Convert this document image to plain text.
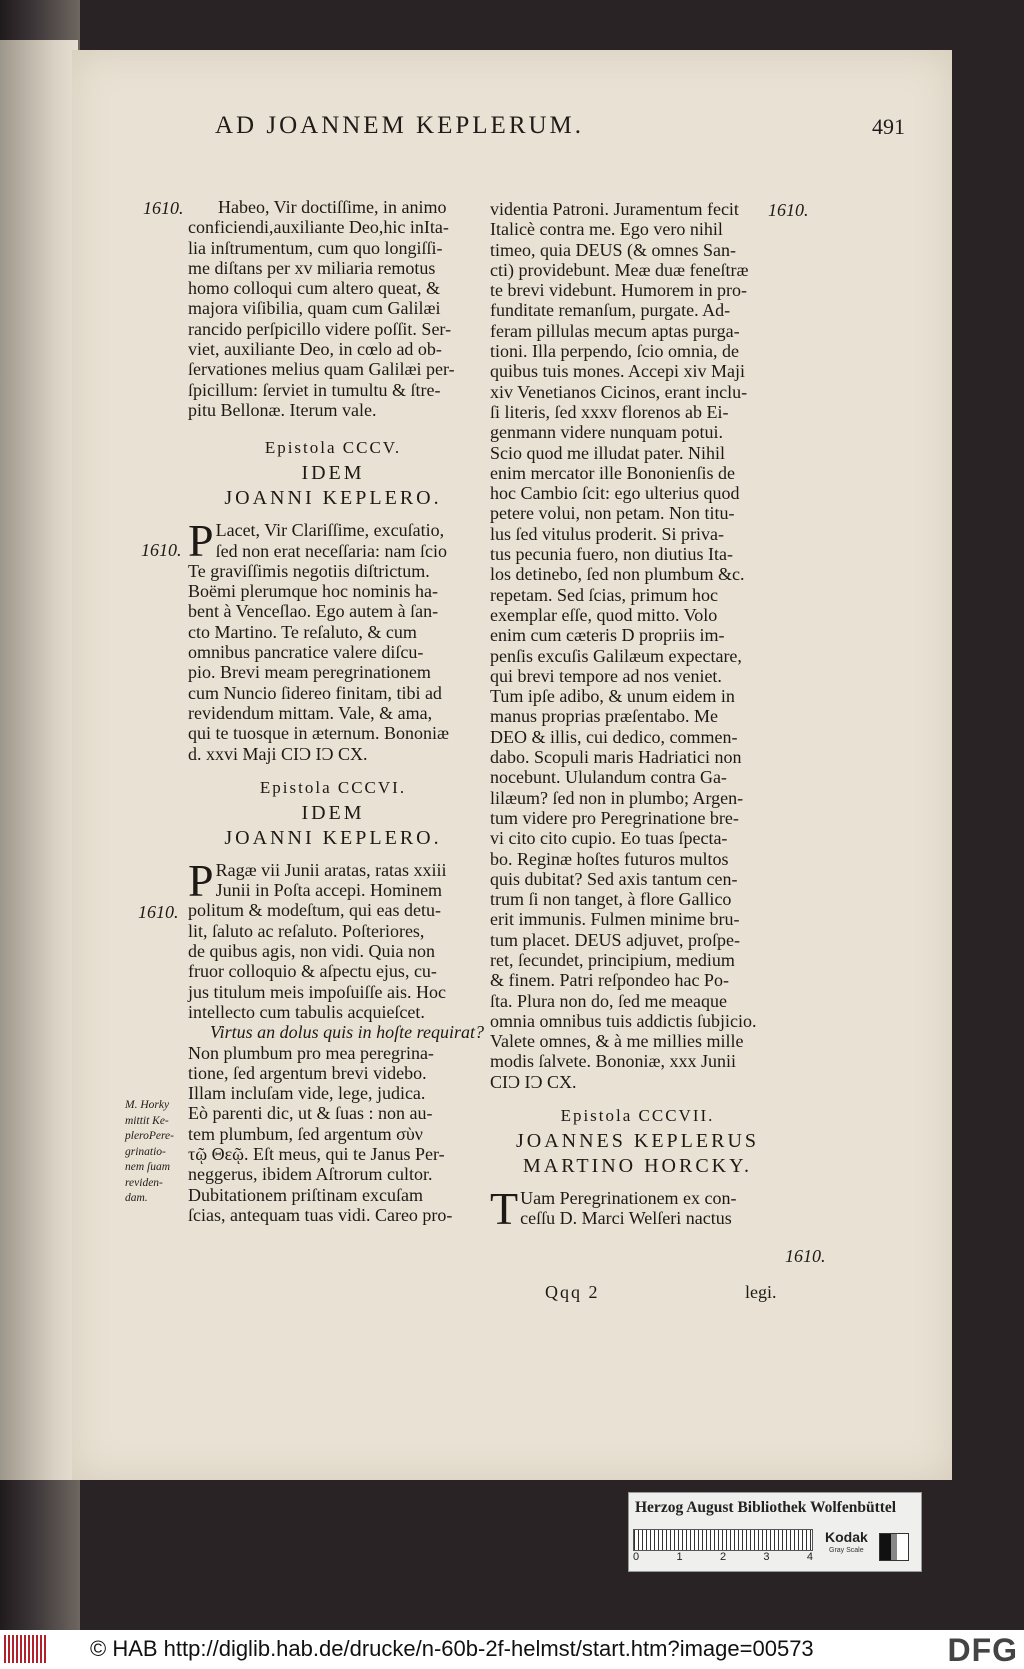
AD JOANNEM KEPLERUM.	491
1610.	1610.
1610.
1610.
1610.
Habeo, Vir doctiſſime, in animo
conficiendi,auxiliante Deo,hic inIta-
lia inſtrumentum, cum quo longiſſi-
me diſtans per xv miliaria remotus
homo colloqui cum altero queat, &
majora viſibilia, quam cum Galilæi
rancido perſpicillo videre poſſit. Ser-
viet, auxiliante Deo, in cœlo ad ob-
ſervationes melius quam Galilæi per-
ſpicillum: ſerviet in tumultu & ſtre-
pitu Bellonæ. Iterum vale.
Epistola CCCV.
IDEM
JOANNI KEPLERO.
P Lacet, Vir Clariſſime, excuſatio,
ſed non erat neceſſaria: nam ſcio
Te graviſſimis negotiis diſtrictum.
Boëmi plerumque hoc nominis ha-
bent à Venceſlao. Ego autem à ſan-
cto Martino. Te reſaluto, & cum
omnibus pancratice valere diſcu-
pio. Brevi meam peregrinationem
cum Nuncio ſidereo finitam, tibi ad
revidendum mittam. Vale, & ama,
qui te tuosque in æternum. Bononiæ
d. xxvi Maji CIƆ IƆ CX.
Epistola CCCVI.
IDEM
JOANNI KEPLERO.
P Ragæ vii Junii aratas, ratas xxiii
Junii in Poſta accepi. Hominem
politum & modeſtum, qui eas detu-
lit, ſaluto ac reſaluto. Poſteriores,
de quibus agis, non vidi. Quia non
fruor colloquio & aſpectu ejus, cu-
jus titulum meis impoſuiſſe ais. Hoc
intellecto cum tabulis acquieſcet.
Virtus an dolus quis in hoſte requirat?
Non plumbum pro mea peregrina-
tione, ſed argentum brevi videbo.
Illam incluſam vide, lege, judica.
Eò parenti dic, ut & ſuas : non au-
tem plumbum, ſed argentum σὺν
τῷ Θεῷ. Eſt meus, qui te Janus Per-
neggerus, ibidem Aſtrorum cultor.
Dubitationem priſtinam excuſam
ſcias, antequam tuas vidi. Careo pro-
M. Horky
mittit Ke-
pleroPere-
grinatio-
nem ſuam
reviden-
dam.
videntia Patroni. Juramentum fecit
Italicè contra me. Ego vero nihil
timeo, quia DEUS (& omnes San-
cti) providebunt. Meæ duæ feneſtræ
te brevi videbunt. Humorem in pro-
funditate remanſum, purgate. Ad-
feram pillulas mecum aptas purga-
tioni. Illa perpendo, ſcio omnia, de
quibus tuis mones. Accepi xiv Maji
xiv Venetianos Cicinos, erant inclu-
ſi literis, ſed xxxv florenos ab Ei-
genmann videre nunquam potui.
Scio quod me illudat pater. Nihil
enim mercator ille Bononienſis de
hoc Cambio ſcit: ego ulterius quod
petere volui, non petam. Non titu-
lus ſed vitulus proderit. Si priva-
tus pecunia fuero, non diutius Ita-
los detinebo, ſed non plumbum &c.
repetam. Sed ſcias, primum hoc
exemplar eſſe, quod mitto. Volo
enim cum cæteris D propriis im-
penſis excuſis Galilæum expectare,
qui brevi tempore ad nos veniet.
Tum ipſe adibo, & unum eidem in
manus proprias præſentabo. Me
DEO & illis, cui dedico, commen-
dabo. Scopuli maris Hadriatici non
nocebunt. Ululandum contra Ga-
lilæum? ſed non in plumbo; Argen-
tum videre pro Peregrinatione bre-
vi cito cito cupio. Eo tuas ſpecta-
bo. Reginæ hoſtes futuros multos
quis dubitat? Sed axis tantum cen-
trum ſi non tanget, à flore Gallico
erit immunis. Fulmen minime bru-
tum placet. DEUS adjuvet, proſpe-
ret, ſecundet, principium, medium
& finem. Patri reſpondeo hac Po-
ſta. Plura non do, ſed me meaque
omnia omnibus tuis addictis ſubjicio.
Valete omnes, & à me millies mille
modis ſalvete. Bononiæ, xxx Junii
CIƆ IƆ CX.
Epistola CCCVII.
JOANNES KEPLERUS
MARTINO HORCKY.
T Uam Peregrinationem ex con-
ceſſu D. Marci Welſeri nactus
Qqq 2	legi.
Herzog August Bibliothek Wolfenbüttel
0	1	2	3	4
Kodak
Gray Scale
© HAB http://diglib.hab.de/drucke/n-60b-2f-helmst/start.htm?image=00573	DFG
